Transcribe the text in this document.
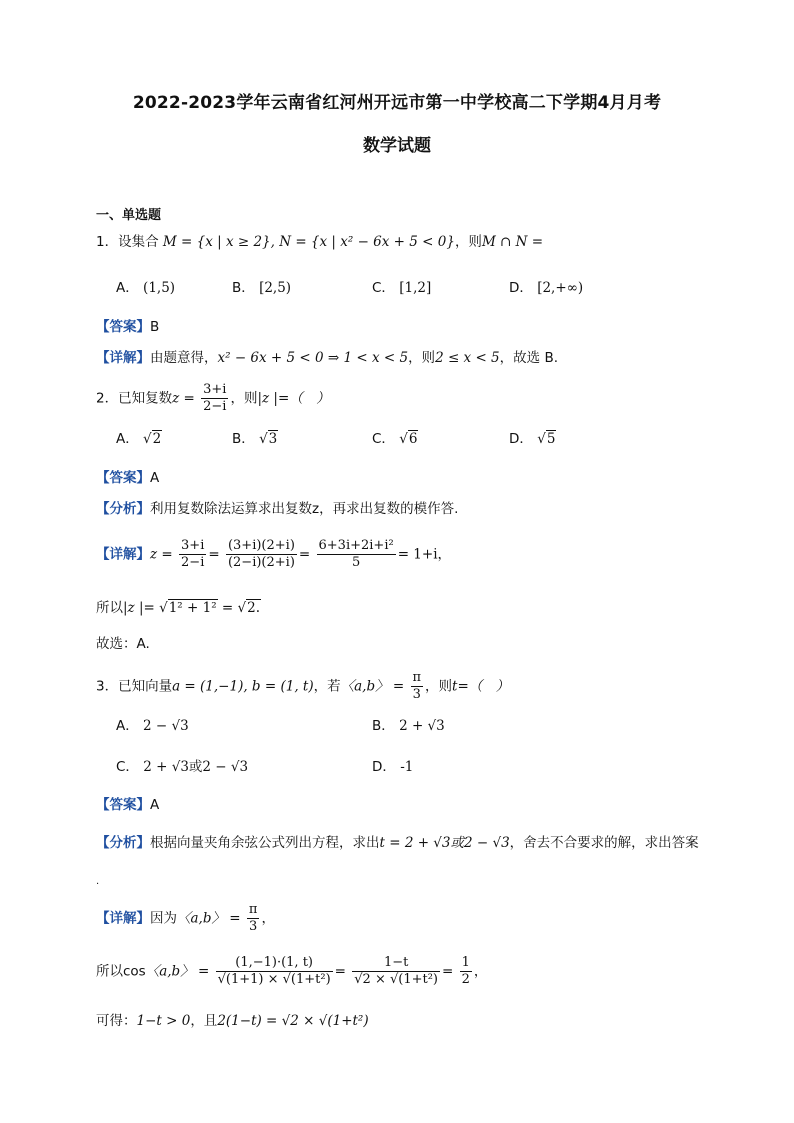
2022-2023学年云南省红河州开远市第一中学校高二下学期4月月考
数学试题
一、单选题
1．设集合 M = {x | x ≥ 2}, N = {x | x² − 6x + 5 < 0}，则M ∩ N =
A． (1,5)	B． [2,5)	C． [1,2]	D． [2,+∞)
【答案】B
【详解】由题意得，x² − 6x + 5 < 0 ⇒ 1 < x < 5，则2 ≤ x < 5，故选 B.
2．已知复数$z = \frac{3+i}{2-i}$ ，则|z |=（　）
A． √2	B． √3	C． √6	D． √5
【答案】A
【分析】利用复数除法运算求出复数z，再求出复数的模作答.
【详解】$z = \frac{3+i}{2-i} = \frac{(3+i)(2+i)}{(2-i)(2+i)} = \frac{\text{6+3i+2i+i²}}{5} = 1+i$，
所以|z |= √1² + 1² = √2.
故选：A.
3．已知向量a = (1,−1), b = (1, t)，若〈a,b〉 = $\frac{\pi}{3}$ ，则t=（　）
A． 2 − √3	B． 2 + √3
C． 2 + √3或2 − √3	D． -1
【答案】A
【分析】根据向量夹角余弦公式列出方程，求出t = 2 + √3或2 − √3，舍去不合要求的解，求出答案
.
【详解】因为〈a,b〉 = $\frac{\pi}{3}$ ，
所以cos〈a,b〉 = $\frac{(1,-1)\cdot(1, t)}{\text{√(1+1) × √(1+t²)}} = \frac{1-t}{\text{√2 × √(1+t²)}} = \frac{1}{2}$ ，
可得：1−t > 0，且2(1−t) = √2 × √(1+t²)
